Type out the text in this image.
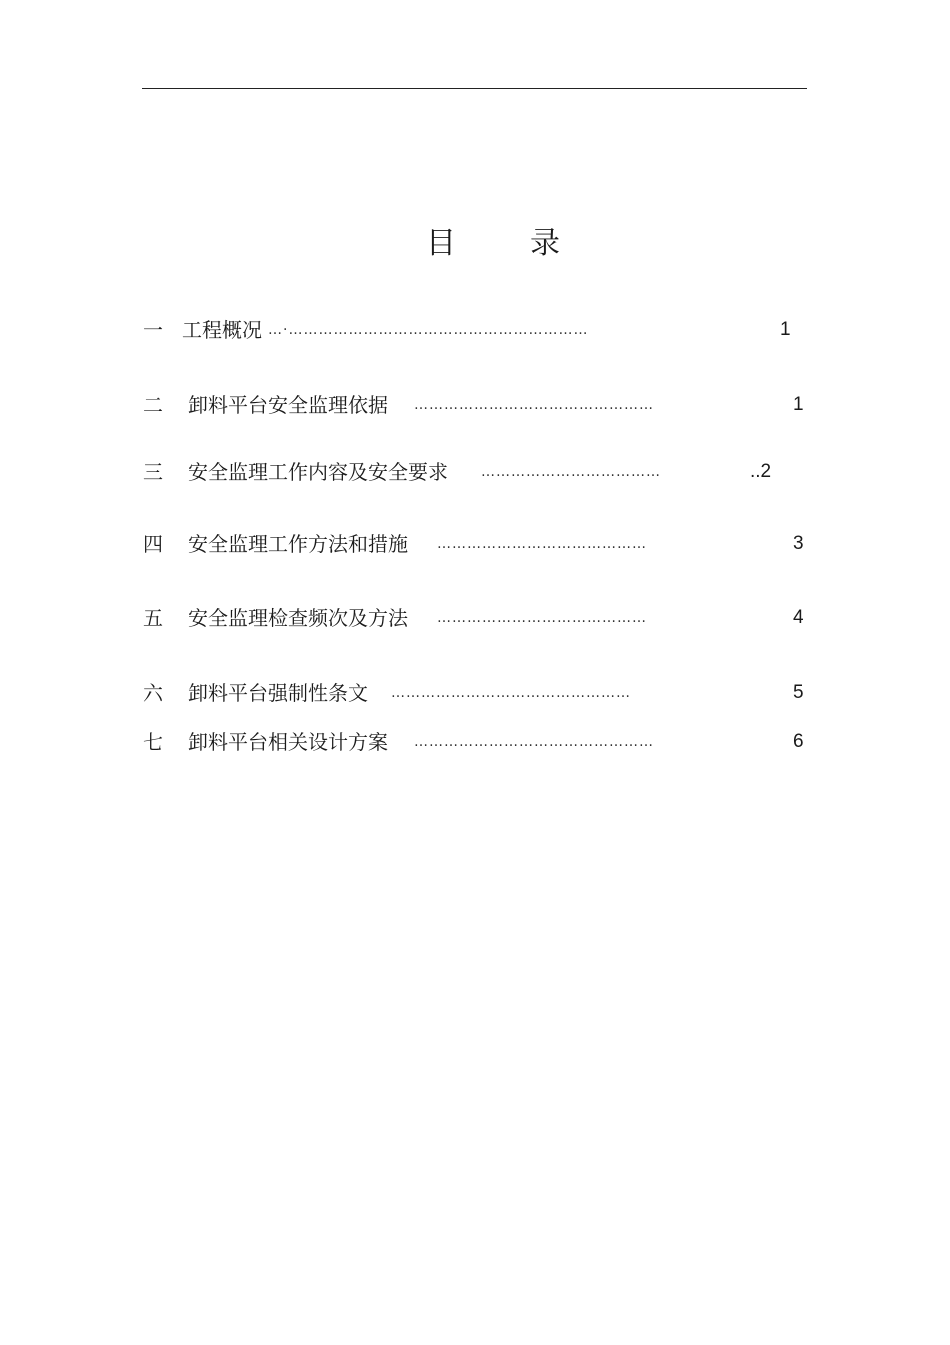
目 录
一 工程概况 …·……………………………………………………	1
二 卸料平台安全监理依据 …………………………………………	1
三 安全监理工作内容及安全要求 ………………………………	..2
四 安全监理工作方法和措施 ……………………………………	3
五 安全监理检查频次及方法 ……………………………………	4
六 卸料平台强制性条文 …………………………………………	5
七 卸料平台相关设计方案 …………………………………………	6
